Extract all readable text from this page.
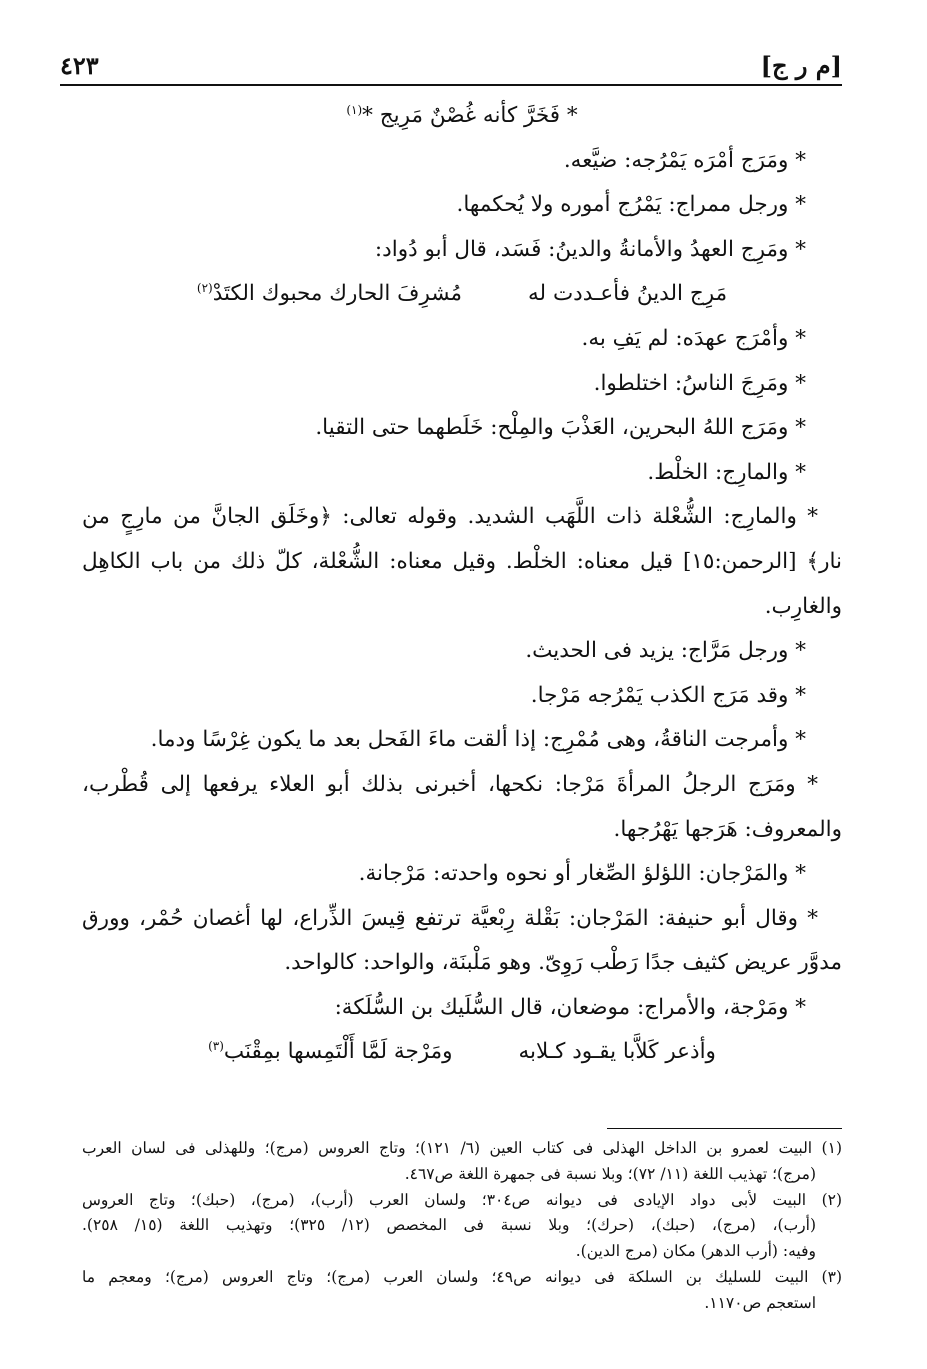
[م ر ج]
٤٢٣
* فَخَرَّ كأنه غُصْنٌ مَرِيج *$^{(١)}$
* ومَرَج أمْرَه يَمْرُجه: ضيَّعه.
* ورجل ممراج: يَمْرُج أموره ولا يُحكمها.
* ومَرِج العهدُ والأمانةُ والدينُ: فَسَد، قال أبو دُواد:
مَرِج الدينُ فأعـددت له
مُشرِفَ الحارك محبوك الكتَدْ$^{(٢)}$
* وأمْرَج عهدَه: لم يَفِ به.
* ومَرِجَ الناسُ: اختلطوا.
* ومَرَج اللهُ البحرين، العَذْبَ والمِلْح: خَلَطهما حتى التقيا.
* والمارِج: الخلْط.
* والمارِج: الشُّعْلة ذات اللَّهَب الشديد. وقوله تعالى: ﴿وخَلَق الجانَّ من مارِجٍ من
نار﴾ [الرحمن:١٥] قيل معناه: الخلْط. وقيل معناه: الشُّعْلة، كلّ ذلك من باب الكاهِل
والغارِب.
* ورجل مَرَّاج: يزيد فى الحديث.
* وقد مَرَج الكذب يَمْرُجه مَرْجا.
* وأمرجت الناقةُ، وهى مُمْرِج: إذا ألقت ماءَ الفَحل بعد ما يكون غِرْسًا ودما.
* ومَرَج الرجلُ المرأةَ مَرْجا: نكحها، أخبرنى بذلك أبو العلاء يرفعها إلى قُطْرب،
والمعروف: هَرَجها يَهْرُجها.
* والمَرْجان: اللؤلؤ الصِّغار أو نحوه واحدته: مَرْجانة.
* وقال أبو حنيفة: المَرْجان: بَقْلة رِبْعيَّة ترتفع قِيسَ الذِّراع، لها أغصان حُمْر، وورق
مدوَّر عريض كثيف جدًا رَطْب رَوِىّ. وهو مَلْبنَة، والواحد: كالواحد.
* ومَرْجة، والأمراج: موضعان، قال السُّلَيك بن السُّلَكة:
وأذعر كَلاَّبا يقـود كـلابه
ومَرْجة لَمَّا أَلْتَمِسها بمِقْنَب$^{(٣)}$
(١) البيت لعمرو بن الداخل الهذلى فى كتاب العين (٦/ ١٢١)؛ وتاج العروس (مرج)؛ وللهذلى فى لسان العرب
(مرج)؛ تهذيب اللغة (١١/ ٧٢)؛ وبلا نسبة فى جمهرة اللغة ص٤٦٧.
(٢) البيت لأبى دواد الإيادى فى ديوانه ص٣٠٤؛ ولسان العرب (أرب)، (مرج)، (حبك)؛ وتاج العروس
(أرب)، (مرج)، (حبك)، (حرك)؛ وبلا نسبة فى المخصص (١٢/ ٣٢٥)؛ وتهذيب اللغة (١٥/ ٢٥٨).
وفيه: (أرب الدهر) مكان (مرج الدين).
(٣) البيت للسليك بن السلكة فى ديوانه ص٤٩؛ ولسان العرب (مرج)؛ وتاج العروس (مرج)؛ ومعجم ما
استعجم ص١١٧٠.
